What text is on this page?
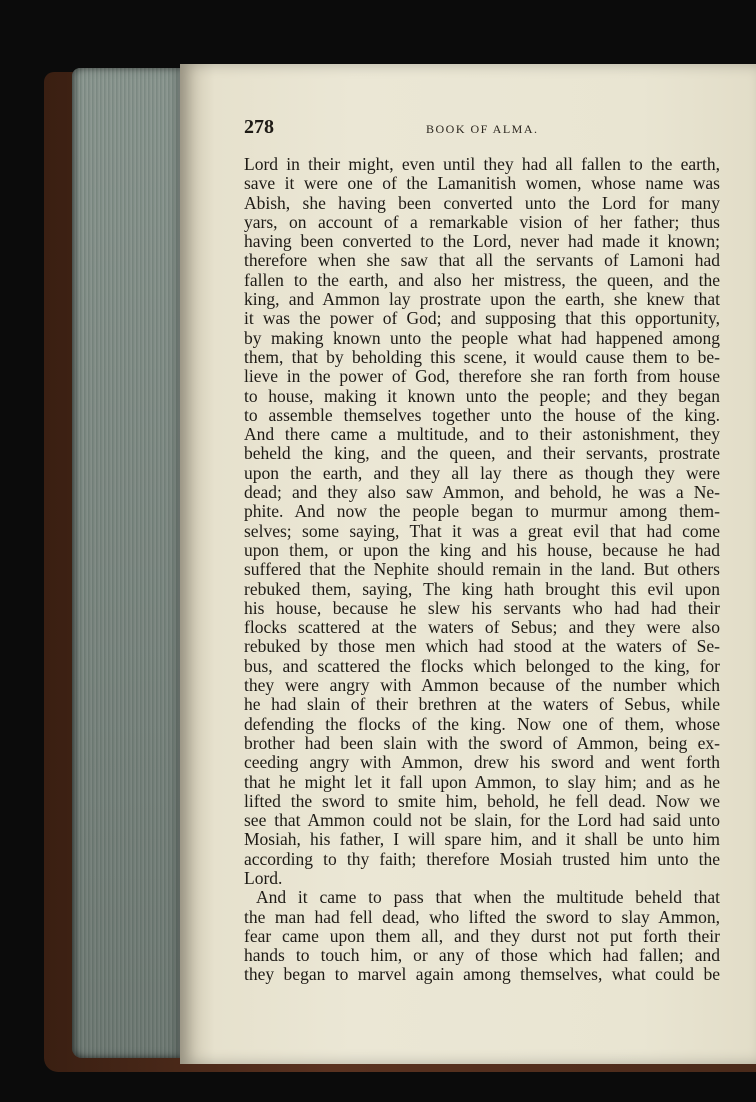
278	BOOK OF ALMA.
Lord in their might, even until they had all fallen to the earth,
save it were one of the Lamanitish women, whose name was
Abish, she having been converted unto the Lord for many
yars, on account of a remarkable vision of her father; thus
having been converted to the Lord, never had made it known;
therefore when she saw that all the servants of Lamoni had
fallen to the earth, and also her mistress, the queen, and the
king, and Ammon lay prostrate upon the earth, she knew that
it was the power of God; and supposing that this opportunity,
by making known unto the people what had happened among
them, that by beholding this scene, it would cause them to be-
lieve in the power of God, therefore she ran forth from house
to house, making it known unto the people; and they began
to assemble themselves together unto the house of the king.
And there came a multitude, and to their astonishment, they
beheld the king, and the queen, and their servants, prostrate
upon the earth, and they all lay there as though they were
dead; and they also saw Ammon, and behold, he was a Ne-
phite. And now the people began to murmur among them-
selves; some saying, That it was a great evil that had come
upon them, or upon the king and his house, because he had
suffered that the Nephite should remain in the land. But others
rebuked them, saying, The king hath brought this evil upon
his house, because he slew his servants who had had their
flocks scattered at the waters of Sebus; and they were also
rebuked by those men which had stood at the waters of Se-
bus, and scattered the flocks which belonged to the king, for
they were angry with Ammon because of the number which
he had slain of their brethren at the waters of Sebus, while
defending the flocks of the king. Now one of them, whose
brother had been slain with the sword of Ammon, being ex-
ceeding angry with Ammon, drew his sword and went forth
that he might let it fall upon Ammon, to slay him; and as he
lifted the sword to smite him, behold, he fell dead. Now we
see that Ammon could not be slain, for the Lord had said unto
Mosiah, his father, I will spare him, and it shall be unto him
according to thy faith; therefore Mosiah trusted him unto the
Lord.
And it came to pass that when the multitude beheld that
the man had fell dead, who lifted the sword to slay Ammon,
fear came upon them all, and they durst not put forth their
hands to touch him, or any of those which had fallen; and
they began to marvel again among themselves, what could be
